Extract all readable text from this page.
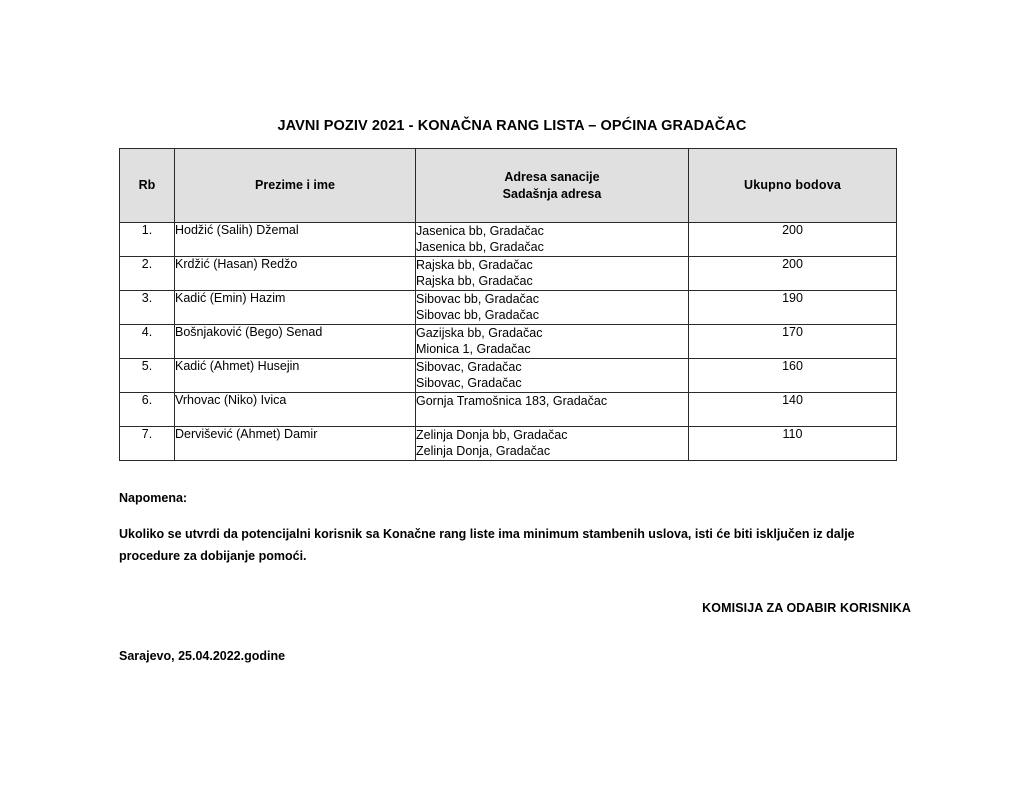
JAVNI POZIV 2021 - KONAČNA RANG LISTA – OPĆINA GRADAČAC
Rb	Prezime i ime	Adresa sanacije
Sadašnja adresa	Ukupno bodova
1.	Hodžić (Salih) Džemal	Jasenica bb, Gradačac
Jasenica bb, Gradačac	200
2.	Krdžić (Hasan) Redžo	Rajska bb, Gradačac
Rajska bb, Gradačac	200
3.	Kadić (Emin) Hazim	Sibovac bb, Gradačac
Sibovac bb, Gradačac	190
4.	Bošnjaković (Bego) Senad	Gazijska bb, Gradačac
Mionica 1, Gradačac	170
5.	Kadić (Ahmet) Husejin	Sibovac, Gradačac
Sibovac, Gradačac	160
6.	Vrhovac (Niko) Ivica	Gornja Tramošnica 183, Gradačac	140
7.	Dervišević (Ahmet) Damir	Zelinja Donja bb, Gradačac
Zelinja Donja, Gradačac	110
Napomena:
Ukoliko se utvrdi da potencijalni korisnik sa Konačne rang liste ima minimum stambenih uslova, isti će biti isključen iz dalje procedure za dobijanje pomoći.
KOMISIJA ZA ODABIR KORISNIKA
Sarajevo, 25.04.2022.godine
